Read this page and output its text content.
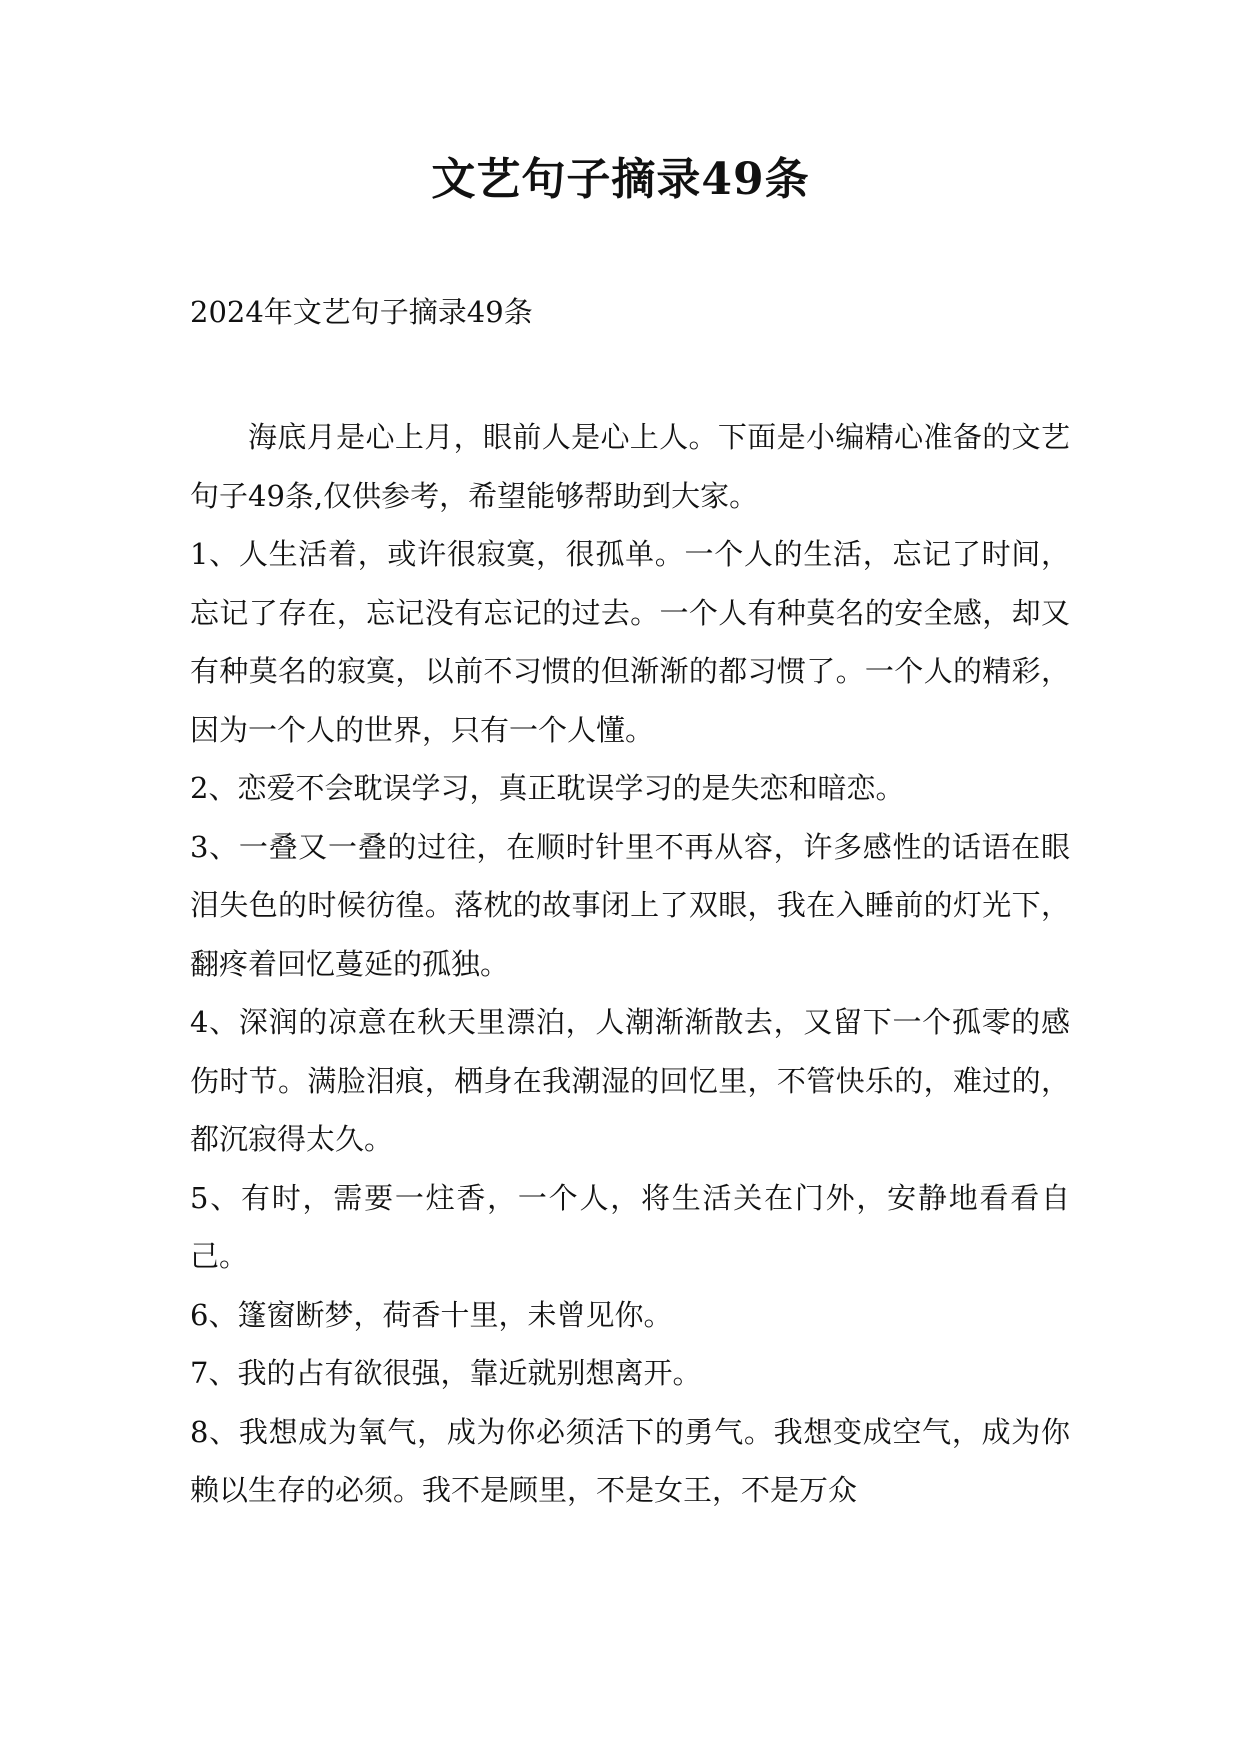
文艺句子摘录49条
2024年文艺句子摘录49条

海底月是心上月，眼前人是心上人。下面是小编精心准备的文艺句子49条,仅供参考，希望能够帮助到大家。

1、人生活着，或许很寂寞，很孤单。一个人的生活，忘记了时间，忘记了存在，忘记没有忘记的过去。一个人有种莫名的安全感，却又有种莫名的寂寞，以前不习惯的但渐渐的都习惯了。一个人的精彩，因为一个人的世界，只有一个人懂。

2、恋爱不会耽误学习，真正耽误学习的是失恋和暗恋。

3、一叠又一叠的过往，在顺时针里不再从容，许多感性的话语在眼泪失色的时候彷徨。落枕的故事闭上了双眼，我在入睡前的灯光下，翻疼着回忆蔓延的孤独。

4、深润的凉意在秋天里漂泊，人潮渐渐散去，又留下一个孤零的感伤时节。满脸泪痕，栖身在我潮湿的回忆里，不管快乐的，难过的，都沉寂得太久。

5、有时，需要一炷香，一个人，将生活关在门外，安静地看看自己。

6、篷窗断梦，荷香十里，未曾见你。

7、我的占有欲很强，靠近就别想离开。

8、我想成为氧气，成为你必须活下的勇气。我想变成空气，成为你赖以生存的必须。我不是顾里，不是女王，不是万众
